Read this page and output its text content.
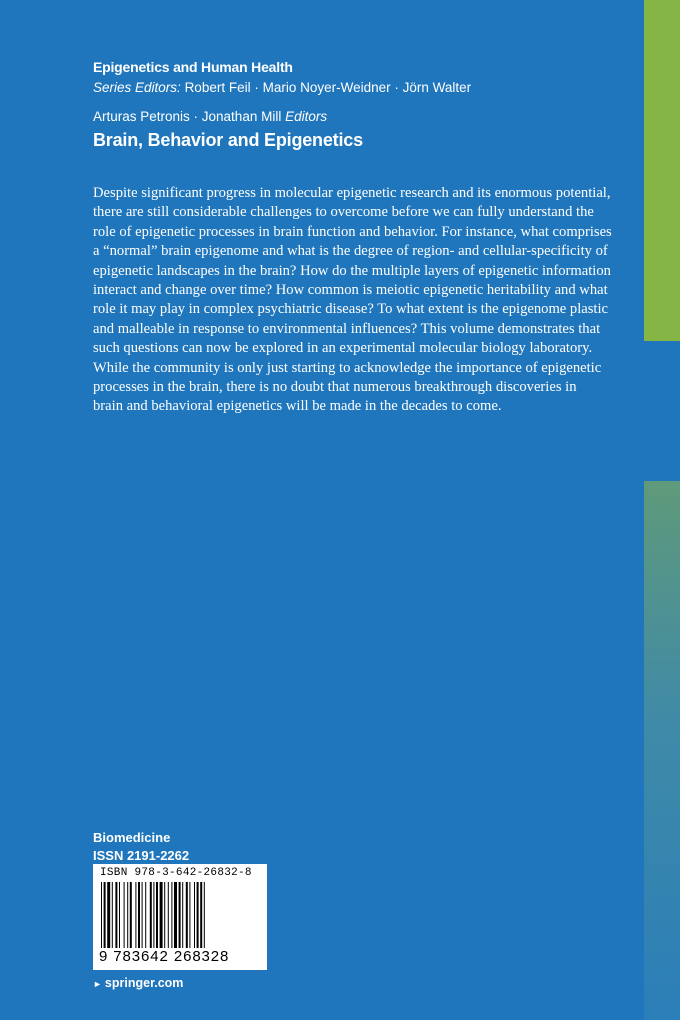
Epigenetics and Human Health
Series Editors: Robert Feil · Mario Noyer-Weidner · Jörn Walter
Arturas Petronis · Jonathan Mill Editors
Brain, Behavior and Epigenetics
Despite significant progress in molecular epigenetic research and its enormous potential,
there are still considerable challenges to overcome before we can fully understand the
role of epigenetic processes in brain function and behavior. For instance, what comprises
a “normal” brain epigenome and what is the degree of region- and cellular-specificity of
epigenetic landscapes in the brain? How do the multiple layers of epigenetic information
interact and change over time? How common is meiotic epigenetic heritability and what
role it may play in complex psychiatric disease? To what extent is the epigenome plastic
and malleable in response to environmental influences? This volume demonstrates that
such questions can now be explored in an experimental molecular biology laboratory.
While the community is only just starting to acknowledge the importance of epigenetic
processes in the brain, there is no doubt that numerous breakthrough discoveries in
brain and behavioral epigenetics will be made in the decades to come.
Biomedicine
ISSN 2191-2262
ISBN 978-3-642-26832-8
9 783642 268328
► springer.com
